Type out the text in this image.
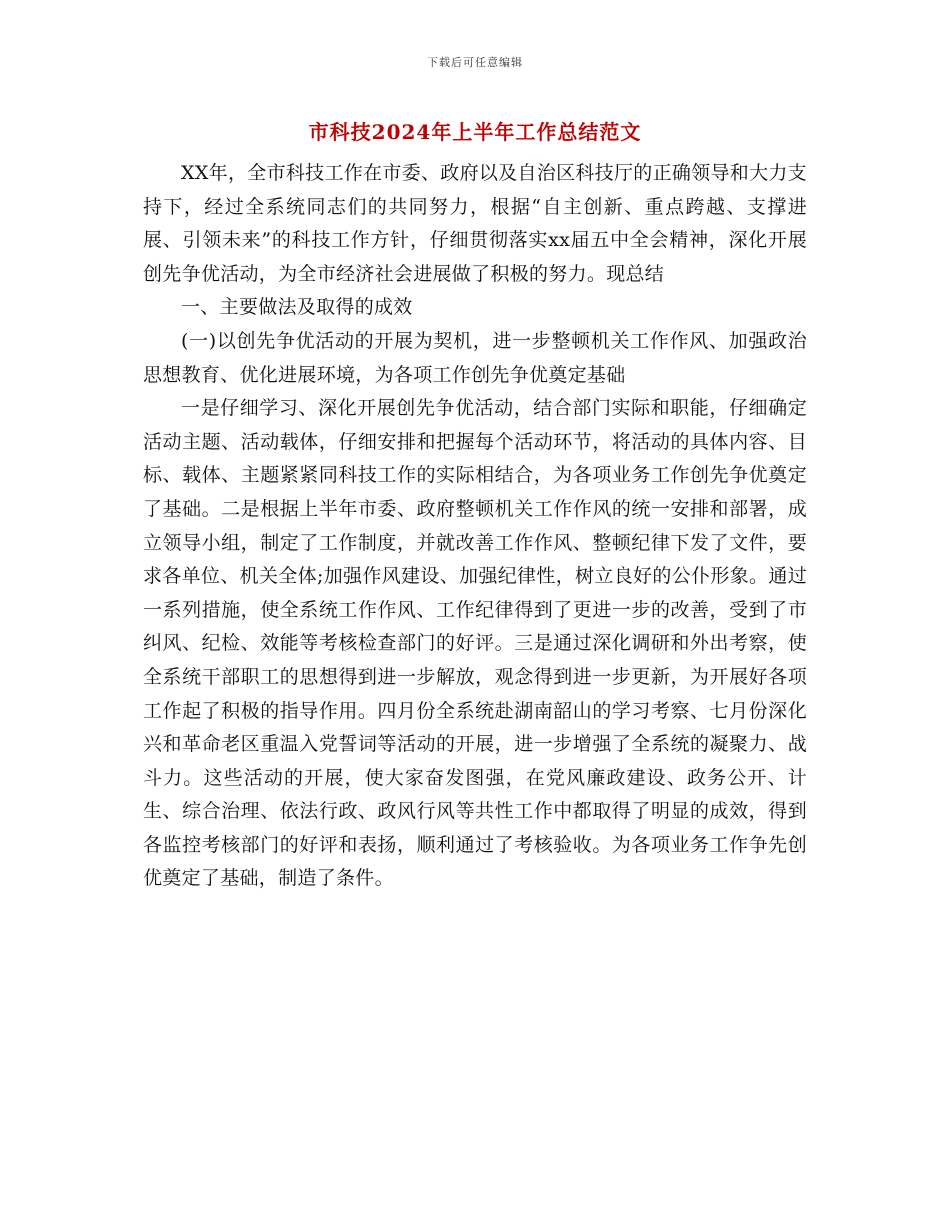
下载后可任意编辑
市科技2024年上半年工作总结范文

XX年，全市科技工作在市委、政府以及自治区科技厅的正确领导和大力支持下，经过全系统同志们的共同努力，根据“自主创新、重点跨越、支撑进展、引领未来”的科技工作方针，仔细贯彻落实xx届五中全会精神，深化开展创先争优活动，为全市经济社会进展做了积极的努力。现总结

一、主要做法及取得的成效

(一)以创先争优活动的开展为契机，进一步整顿机关工作作风、加强政治思想教育、优化进展环境，为各项工作创先争优奠定基础

一是仔细学习、深化开展创先争优活动，结合部门实际和职能，仔细确定活动主题、活动载体，仔细安排和把握每个活动环节，将活动的具体内容、目标、载体、主题紧紧同科技工作的实际相结合，为各项业务工作创先争优奠定了基础。二是根据上半年市委、政府整顿机关工作作风的统一安排和部署，成立领导小组，制定了工作制度，并就改善工作作风、整顿纪律下发了文件，要求各单位、机关全体;加强作风建设、加强纪律性，树立良好的公仆形象。通过一系列措施，使全系统工作作风、工作纪律得到了更进一步的改善，受到了市纠风、纪检、效能等考核检查部门的好评。三是通过深化调研和外出考察，使全系统干部职工的思想得到进一步解放，观念得到进一步更新，为开展好各项工作起了积极的指导作用。四月份全系统赴湖南韶山的学习考察、七月份深化兴和革命老区重温入党誓词等活动的开展，进一步增强了全系统的凝聚力、战斗力。这些活动的开展，使大家奋发图强，在党风廉政建设、政务公开、计生、综合治理、依法行政、政风行风等共性工作中都取得了明显的成效，得到各监控考核部门的好评和表扬，顺利通过了考核验收。为各项业务工作争先创优奠定了基础，制造了条件。
